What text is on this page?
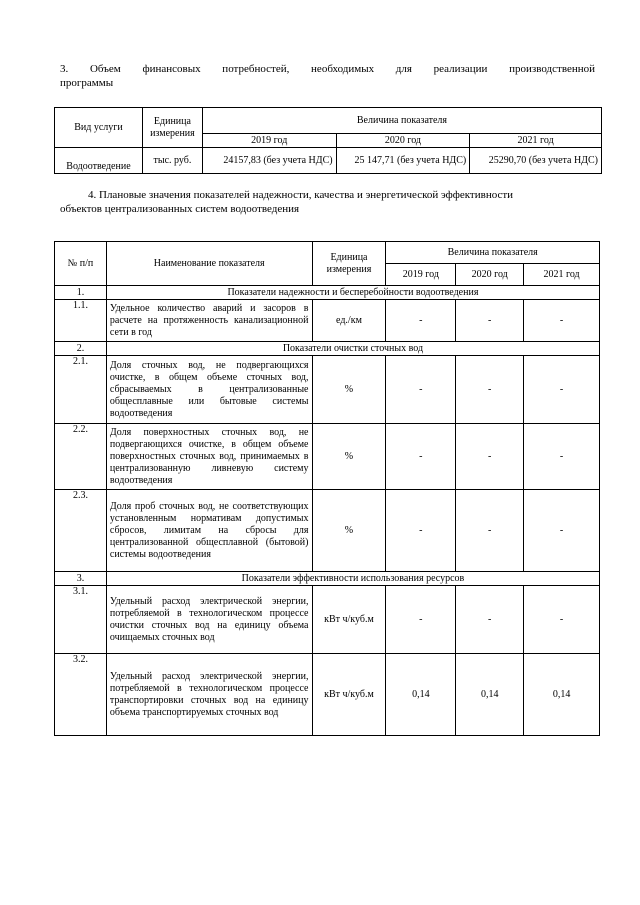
3. Объем финансовых потребностей, необходимых для реализации производственной
программы
Вид услуги	Единица измерения	Величина показателя		
		2019 год	2020 год	2021 год
Водоотведение	тыс. руб.	24157,83 (без учета НДС)	25 147,71 (без учета НДС)	25290,70 (без учета НДС)
4. Плановые значения показателей надежности, качества и энергетической эффективности
объектов централизованных систем водоотведения
№ п/п	Наименование показателя	Единица измерения	Величина показателя		
			2019 год	2020 год	2021 год
1.	Показатели надежности и бесперебойности водоотведения				
1.1.	Удельное количество аварий и засоров в расчете на протяженность канализационной сети в год	ед./км	-	-	-
2.	Показатели очистки сточных вод				
2.1.	Доля сточных вод, не подвергающихся очистке, в общем объеме сточных вод, сбрасываемых в централизованные общесплавные или бытовые системы водоотведения	%	-	-	-
2.2.	Доля поверхностных сточных вод, не подвергающихся очистке, в общем объеме поверхностных сточных вод, принимаемых в централизованную ливневую систему водоотведения	%	-	-	-
2.3.	Доля проб сточных вод, не соответствующих установленным нормативам допустимых сбросов, лимитам на сбросы для централизованной общесплавной (бытовой) системы водоотведения	%	-	-	-
3.	Показатели эффективности использования ресурсов				
3.1.	Удельный расход электрической энергии, потребляемой в технологическом процессе очистки сточных вод на единицу объема очищаемых сточных вод	кВт ч/куб.м	-	-	-
3.2.	Удельный расход электрической энергии, потребляемой в технологическом процессе транспортировки сточных вод на единицу объема транспортируемых сточных вод	кВт ч/куб.м	0,14	0,14	0,14
